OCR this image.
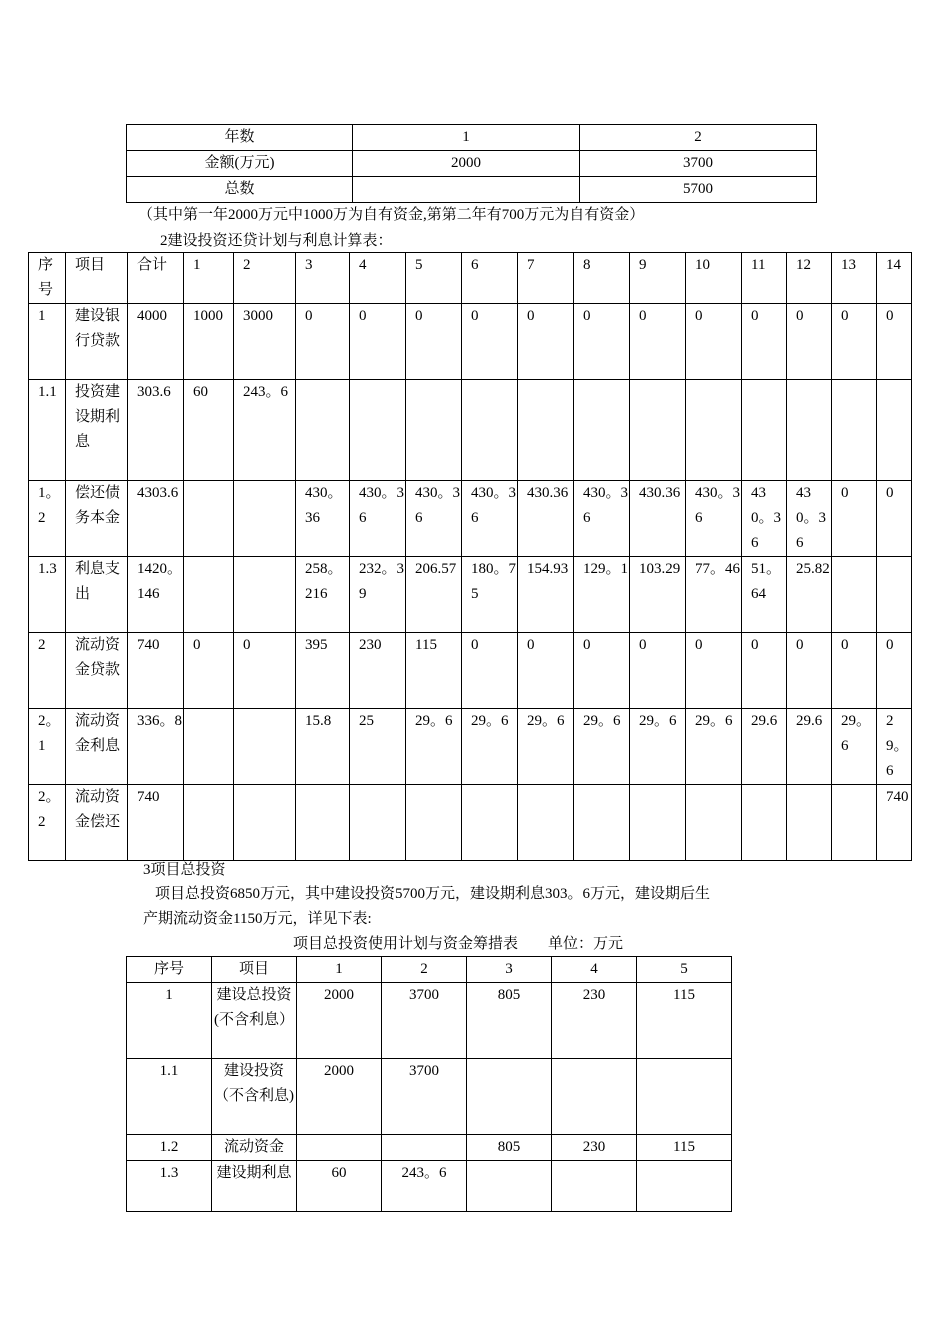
年数	1	2
金额(万元)	2000	3700
总数		5700
（其中第一年2000万元中1000万为自有资金,第第二年有700万元为自有资金）
2建设投资还贷计划与利息计算表：
序号	项目	合计	1	2	3	4	5	6	7	8	9	10	11	12	13	14
1	建设银行贷款	4000	1000	3000	0	0	0	0	0	0	0	0	0	0	0	0
1.1	投资建设期利息	303.6	60	243。6												
1。2	偿还债务本金	4303.6			430。36	430。36	430。36	430。36	430.36	430。36	430.36	430。36	430。36	430。36	0	0
1.3	利息支出	1420。146			258。216	232。39	206.57	180。75	154.93	129。1	103.29	77。46	51。64	25.82		
2	流动资金贷款	740	0	0	395	230	115	0	0	0	0	0	0	0	0	0
2。1	流动资金利息	336。8			15.8	25	29。6	29。6	29。6	29。6	29。6	29。6	29.6	29.6	29。6	29。6
2。2	流动资金偿还	740														740
3项目总投资
项目总投资6850万元，其中建设投资5700万元，建设期利息303。6万元，建设期后生
产期流动资金1150万元，详见下表:
项目总投资使用计划与资金筹措表 单位：万元
序号	项目	1	2	3	4	5
1	建设总投资(不含利息）	2000	3700	805	230	115
1.1	建设投资（不含利息)	2000	3700			
1.2	流动资金			805	230	115
1.3	建设期利息	60	243。6			
